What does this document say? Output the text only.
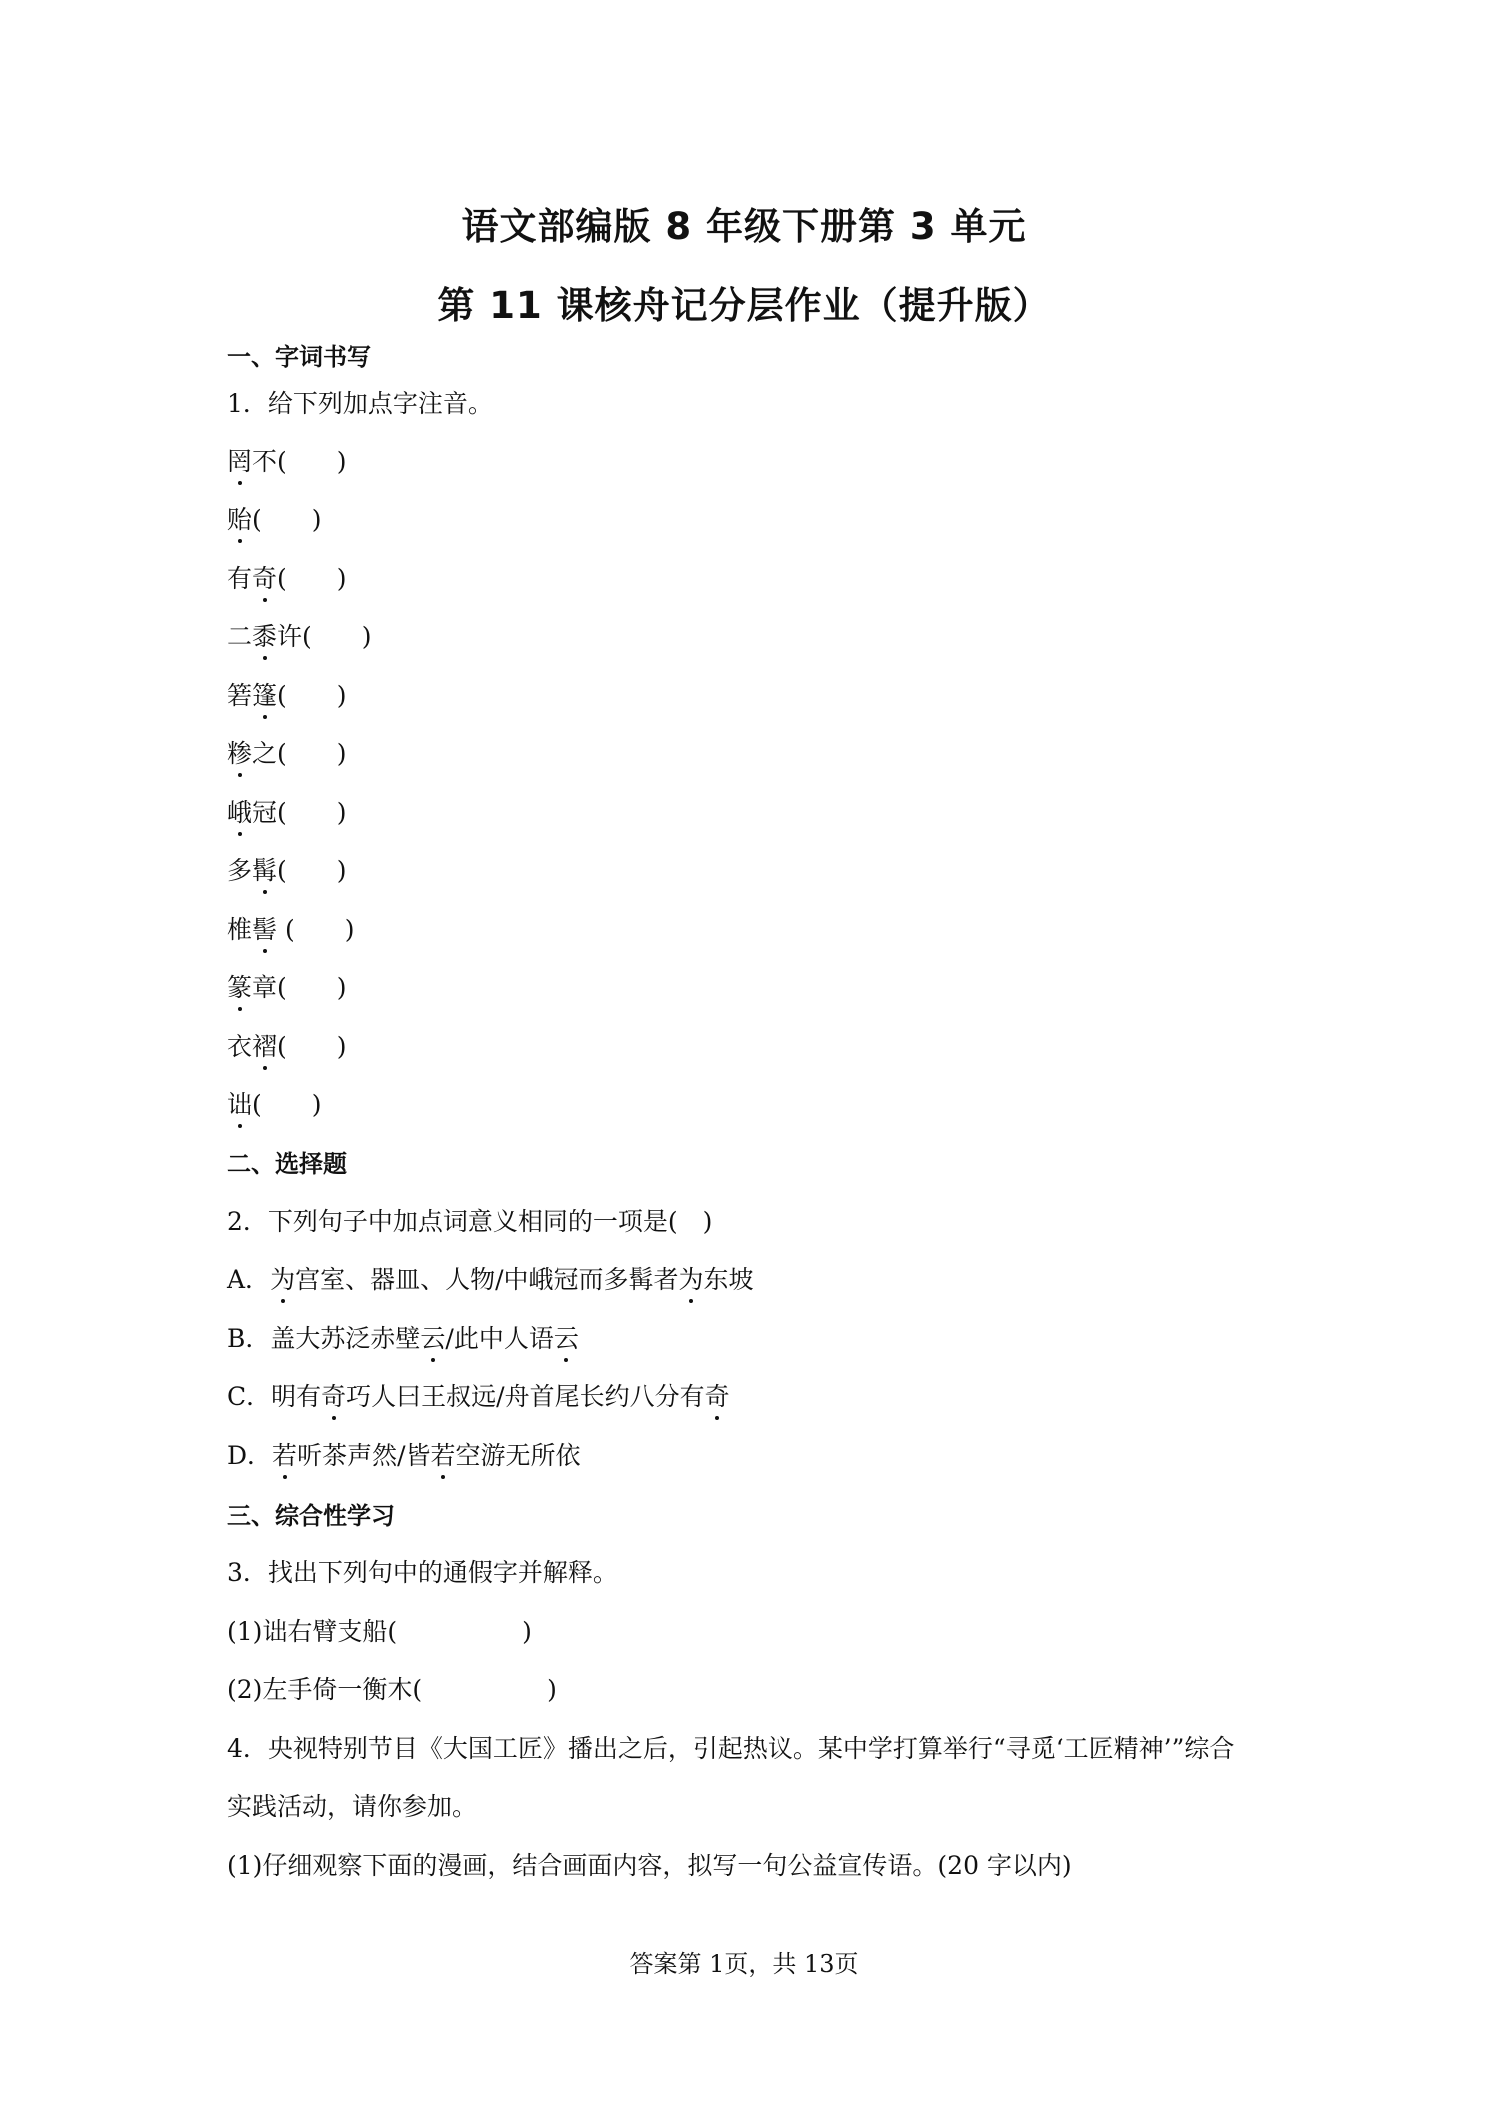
语文部编版 8 年级下册第 3 单元
第 11 课核舟记分层作业（提升版）
一、字词书写
1．给下列加点字注音。
罔不(　　)
贻(　　)
有奇(　　)
二黍许(　　)
箬篷(　　)
糁之(　　)
峨冠(　　)
多髯(　　)
椎髻 (　　)
篆章(　　)
衣褶(　　)
诎(　　)
二、选择题
2．下列句子中加点词意义相同的一项是(　)
A．为宫室、器皿、人物/中峨冠而多髯者为东坡
B．盖大苏泛赤壁云/此中人语云
C．明有奇巧人曰王叔远/舟首尾长约八分有奇
D．若听茶声然/皆若空游无所依
三、综合性学习
3．找出下列句中的通假字并解释。
(1)诎右臂支船(　　　　　)
(2)左手倚一衡木(　　　　　)
4．央视特别节目《大国工匠》播出之后，引起热议。某中学打算举行“寻觅‘工匠精神’”综合
实践活动，请你参加。
(1)仔细观察下面的漫画，结合画面内容，拟写一句公益宣传语。(20 字以内)
答案第 1页，共 13页
